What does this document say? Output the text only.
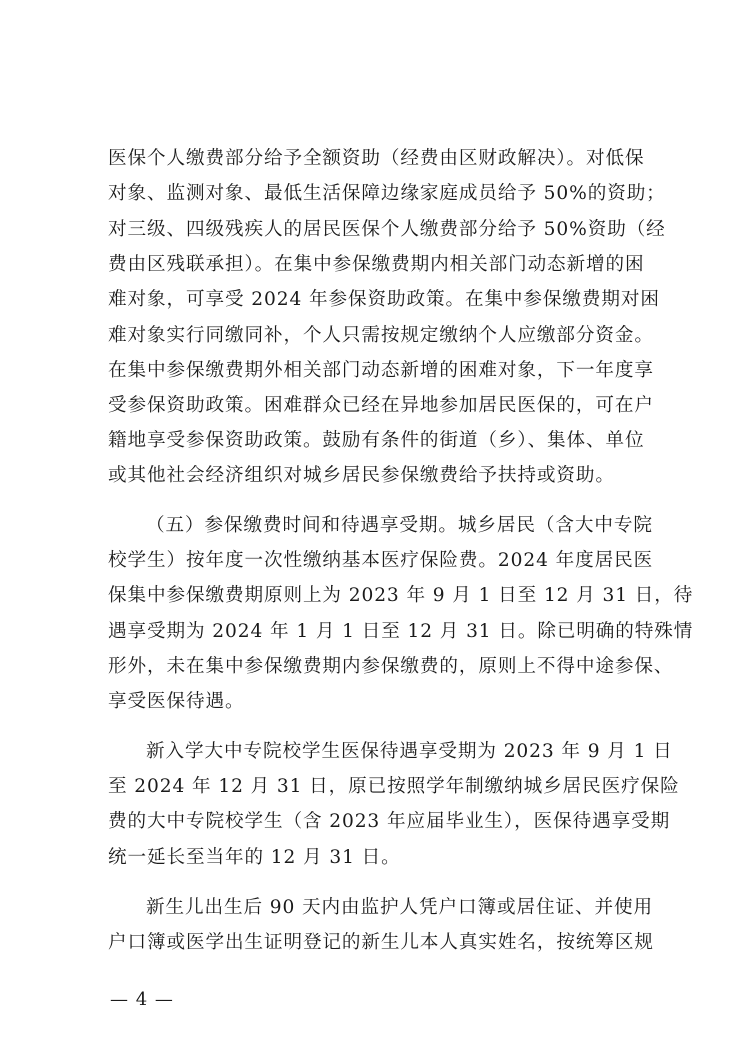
医保个人缴费部分给予全额资助（经费由区财政解决）。对低保
对象、监测对象、最低生活保障边缘家庭成员给予 50%的资助；
对三级、四级残疾人的居民医保个人缴费部分给予 50%资助（经
费由区残联承担）。在集中参保缴费期内相关部门动态新增的困
难对象，可享受 2024 年参保资助政策。在集中参保缴费期对困
难对象实行同缴同补，个人只需按规定缴纳个人应缴部分资金。
在集中参保缴费期外相关部门动态新增的困难对象，下一年度享
受参保资助政策。困难群众已经在异地参加居民医保的，可在户
籍地享受参保资助政策。鼓励有条件的街道（乡）、集体、单位
或其他社会经济组织对城乡居民参保缴费给予扶持或资助。
（五）参保缴费时间和待遇享受期。城乡居民（含大中专院
校学生）按年度一次性缴纳基本医疗保险费。2024 年度居民医
保集中参保缴费期原则上为 2023 年 9 月 1 日至 12 月 31 日，待
遇享受期为 2024 年 1 月 1 日至 12 月 31 日。除已明确的特殊情
形外，未在集中参保缴费期内参保缴费的，原则上不得中途参保、
享受医保待遇。
新入学大中专院校学生医保待遇享受期为 2023 年 9 月 1 日
至 2024 年 12 月 31 日，原已按照学年制缴纳城乡居民医疗保险
费的大中专院校学生（含 2023 年应届毕业生），医保待遇享受期
统一延长至当年的 12 月 31 日。
新生儿出生后 90 天内由监护人凭户口簿或居住证、并使用
户口簿或医学出生证明登记的新生儿本人真实姓名，按统筹区规
— 4 —
